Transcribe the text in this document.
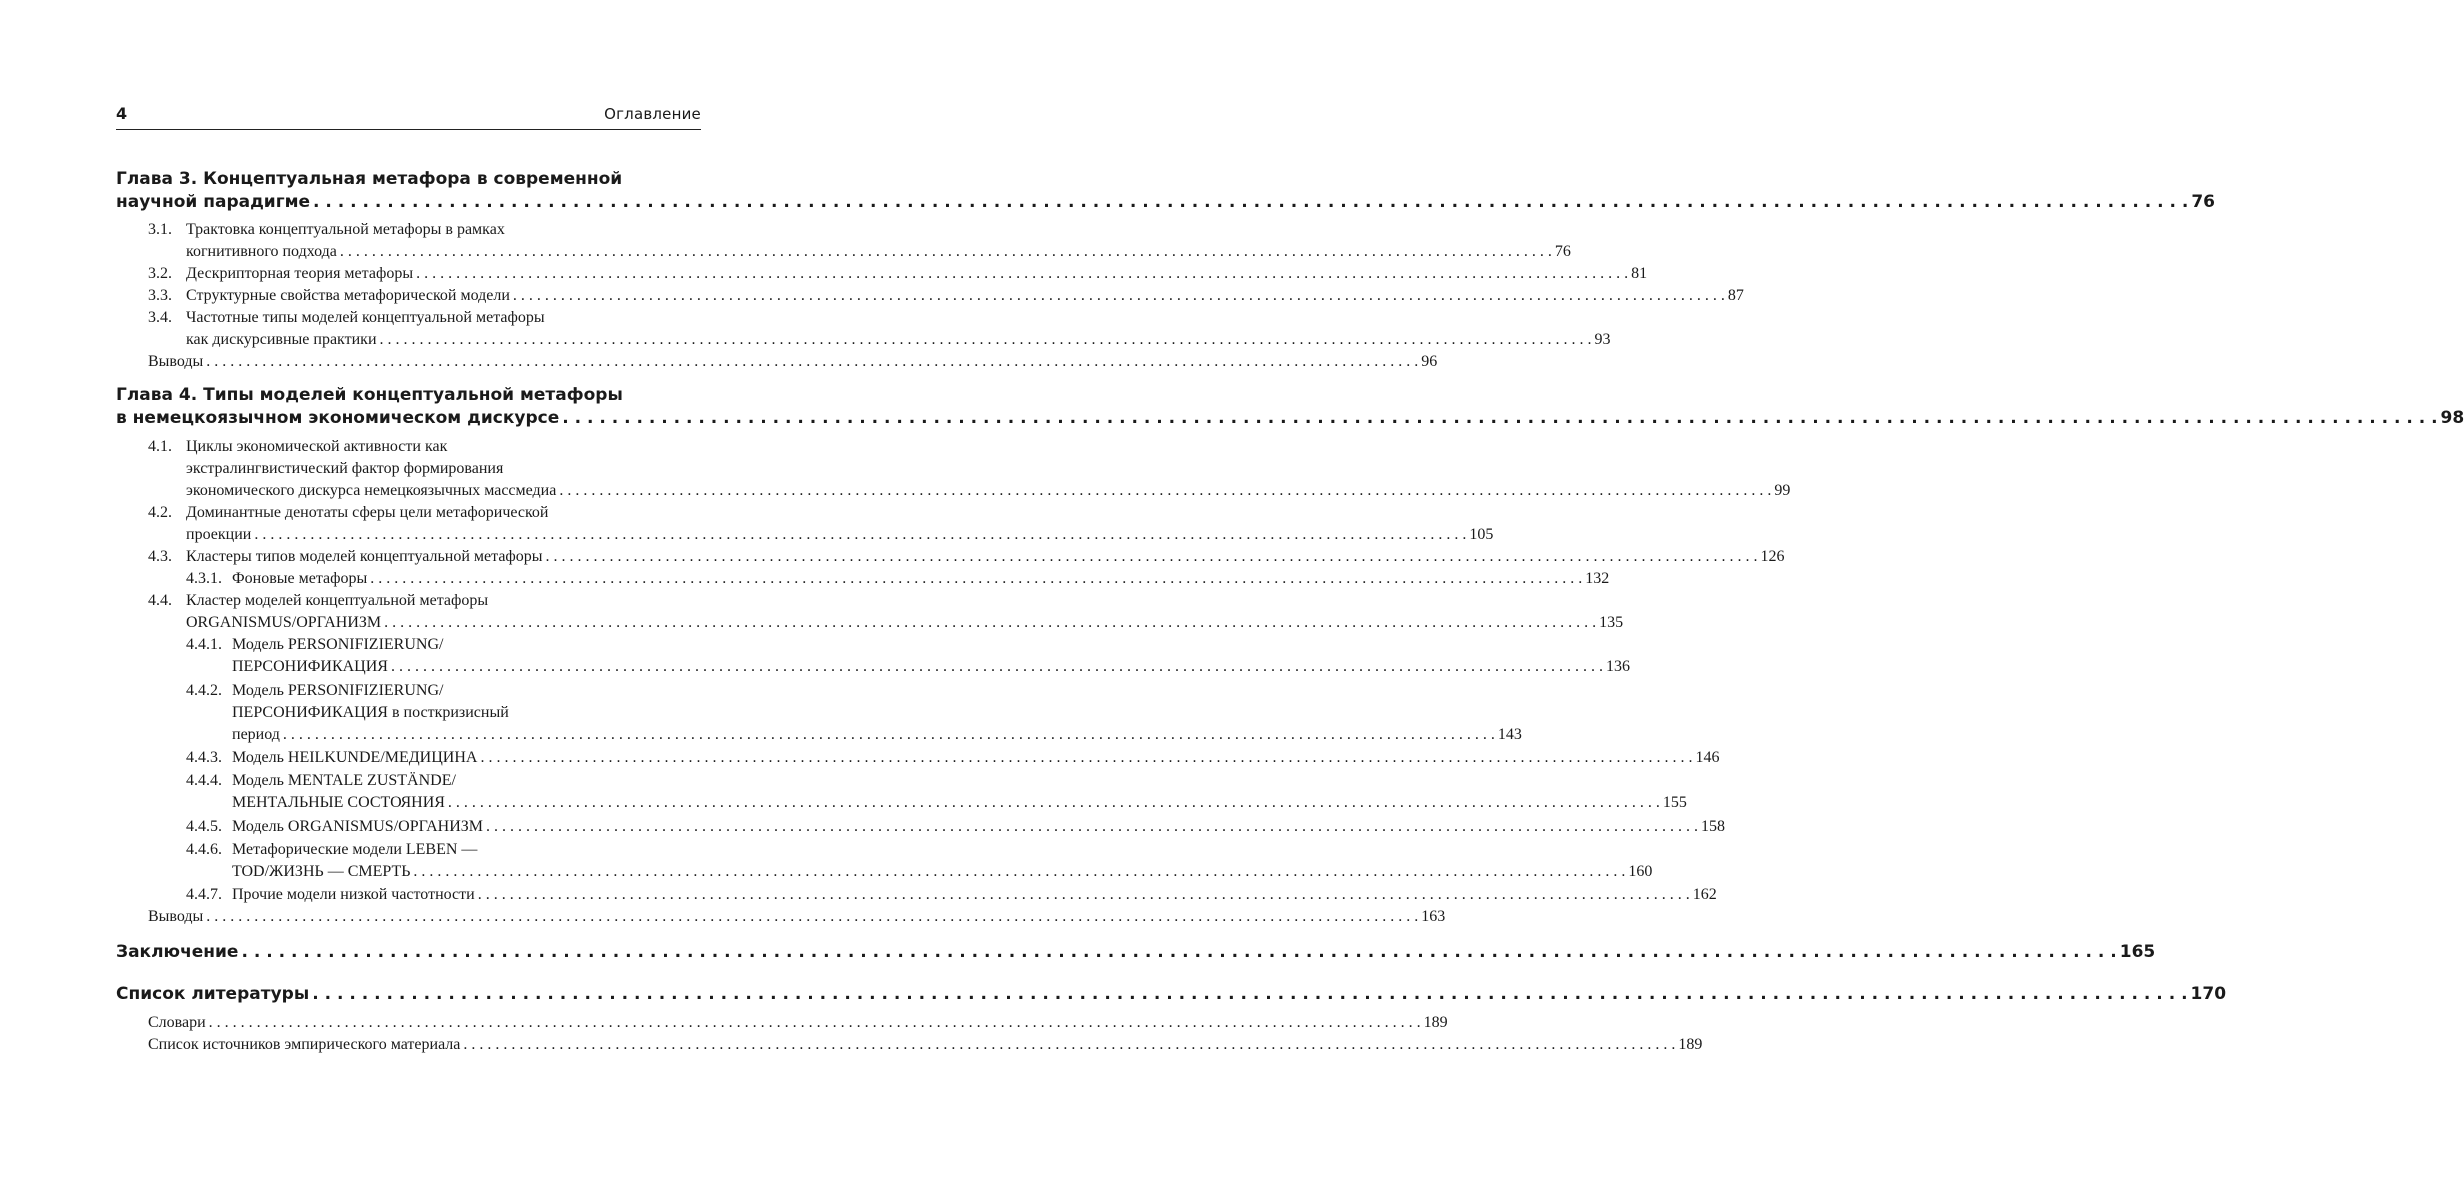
4	Оглавление
Глава 3. Концептуальная метафора в современной
научной парадигме . . .	76
3.1. Трактовка концептуальной метафоры в рамках
когнитивного подхода . . .	76
3.2. Дескрипторная теория метафоры . . .	81
3.3. Структурные свойства метафорической модели . . .	87
3.4. Частотные типы моделей концептуальной метафоры
как дискурсивные практики . . .	93
Выводы . . .	96
Глава 4. Типы моделей концептуальной метафоры
в немецкоязычном экономическом дискурсе . . .	98
4.1. Циклы экономической активности как
экстралингвистический фактор формирования
экономического дискурса немецкоязычных массмедиа . . .	99
4.2. Доминантные денотаты сферы цели метафорической
проекции . . .	105
4.3. Кластеры типов моделей концептуальной метафоры . . .	126
4.3.1. Фоновые метафоры . . .	132
4.4. Кластер моделей концептуальной метафоры
ORGANISMUS/ОРГАНИЗМ . . .	135
4.4.1. Модель PERSONIFIZIERUNG/
ПЕРСОНИФИКАЦИЯ . . .	136
4.4.2. Модель PERSONIFIZIERUNG/
ПЕРСОНИФИКАЦИЯ в посткризисный
период . . .	143
4.4.3. Модель HEILKUNDE/МЕДИЦИНА . . .	146
4.4.4. Модель MENTALE ZUSTÄNDE/
МЕНТАЛЬНЫЕ СОСТОЯНИЯ . . .	155
4.4.5. Модель ORGANISMUS/ОРГАНИЗМ . . .	158
4.4.6. Метафорические модели LEBEN —
TOD/ЖИЗНЬ — СМЕРТЬ . . .	160
4.4.7. Прочие модели низкой частотности . . .	162
Выводы . . .	163
Заключение . . .	165
Список литературы . . .	170
Словари . . .	189
Список источников эмпирического материала . . .	189
